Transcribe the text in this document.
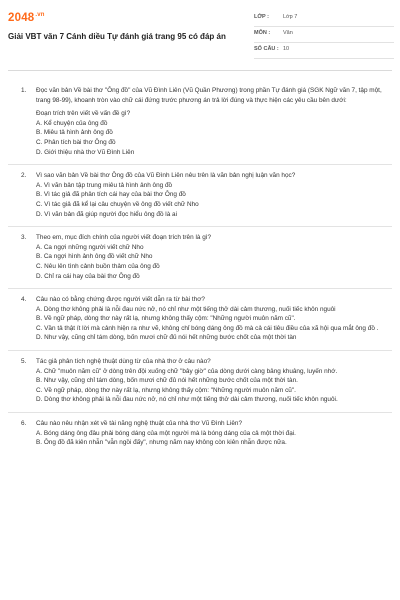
$2048^{.vn}$
Giải VBT văn 7 Cánh diều Tự đánh giá trang 95 có đáp án
LỚP :	Lớp 7
MÔN : Văn
SỐ CÂU : 10
1. Đọc văn bản Về bài thơ "Ông đồ" của Vũ Đình Liên (Vũ Quần Phương) trong phần Tự đánh giá (SGK Ngữ văn 7, tập một, trang 98-99), khoanh tròn vào chữ cái đứng trước phương án trả lời đúng và thực hiện các yêu cầu bên dưới:
Đoạn trích trên viết về vấn đề gì?
A. Kể chuyện của ông đồ
B. Miêu tả hình ảnh ông đồ
C. Phân tích bài thơ Ông đồ
D. Giới thiệu nhà thơ Vũ Đình Liên
2. Vì sao văn bản Về bài thơ Ông đồ của Vũ Đình Liên nêu trên là văn bản nghị luận văn học?
A. Vì văn bản tập trung miêu tả hình ảnh ông đồ
B. Vì tác giả đã phân tích cái hay của bài thơ Ông đồ
C. Vì tác giả đã kể lại câu chuyện về ông đồ viết chữ Nho
D. Vì văn bản đã giúp người đọc hiểu ông đồ là ai
3. Theo em, mục đích chính của người viết đoạn trích trên là gì?
A. Ca ngợi những người viết chữ Nho
B. Ca ngợi hình ảnh ông đồ viết chữ Nho
C. Nêu lên tình cảnh buồn thảm của ông đồ
D. Chỉ ra cái hay của bài thơ Ông đồ
4. Câu nào có bằng chứng được người viết dẫn ra từ bài thơ?
A. Dòng thơ không phải là nỗi đau nức nở, nó chỉ như một tiếng thở dài cảm thương, nuối tiếc khôn nguôi
B. Về ngữ pháp, dòng thơ này rất lạ, nhưng không thấy cộm: "Những người muôn năm cũ".
C. Vần tả thật ít lời mà cảnh hiện ra như vẽ, không chỉ bóng dáng ông đồ mà cả cái tiêu điều của xã hội qua mắt ông đồ .
D. Như vậy, cũng chỉ tám dòng, bốn mươi chữ đủ nói hết những bước chốt của một thời tàn
5. Tác giả phân tích nghệ thuật dùng từ của nhà thơ ở câu nào?
A. Chữ "muôn năm cũ" ở dòng trên đội xuống chữ "bây giờ" của dòng dưới càng bâng khuâng, luyến nhớ.
B. Như vậy, cũng chỉ tám dòng, bốn mươi chữ đủ nói hết những bước chốt của một thời tàn.
C. Về ngữ pháp, dòng thơ này rất lạ, nhưng không thấy cộm: "Những người muôn năm cũ".
D. Dòng thơ không phải là nỗi đau nức nở, nó chỉ như một tiếng thở dài cảm thương, nuối tiếc khôn nguôi.
6. Câu nào nêu nhận xét về tài năng nghệ thuật của nhà thơ Vũ Đình Liên?
A. Bóng dáng ông đâu phải bóng dáng của một người mà là bóng dáng của cả một thời đại.
B. Ông đồ đã kiên nhẫn "vẫn ngồi đấy", nhưng năm nay không còn kiên nhẫn được nữa.
